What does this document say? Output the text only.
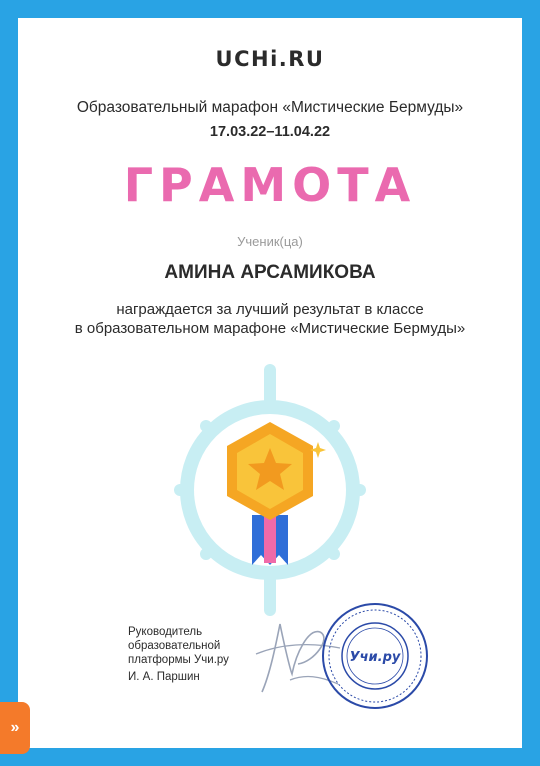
UCHi.RU
Образовательный марафон «Мистические Бермуды»
17.03.22–11.04.22
ГРАМОТА
Ученик(ца)
АМИНА АРСАМИКОВА
награждается за лучший результат в классе
в образовательном марафоне «Мистические Бермуды»
Руководитель
образовательной
платформы Учи.ру
И. А. Паршин
Учи.ру
»
